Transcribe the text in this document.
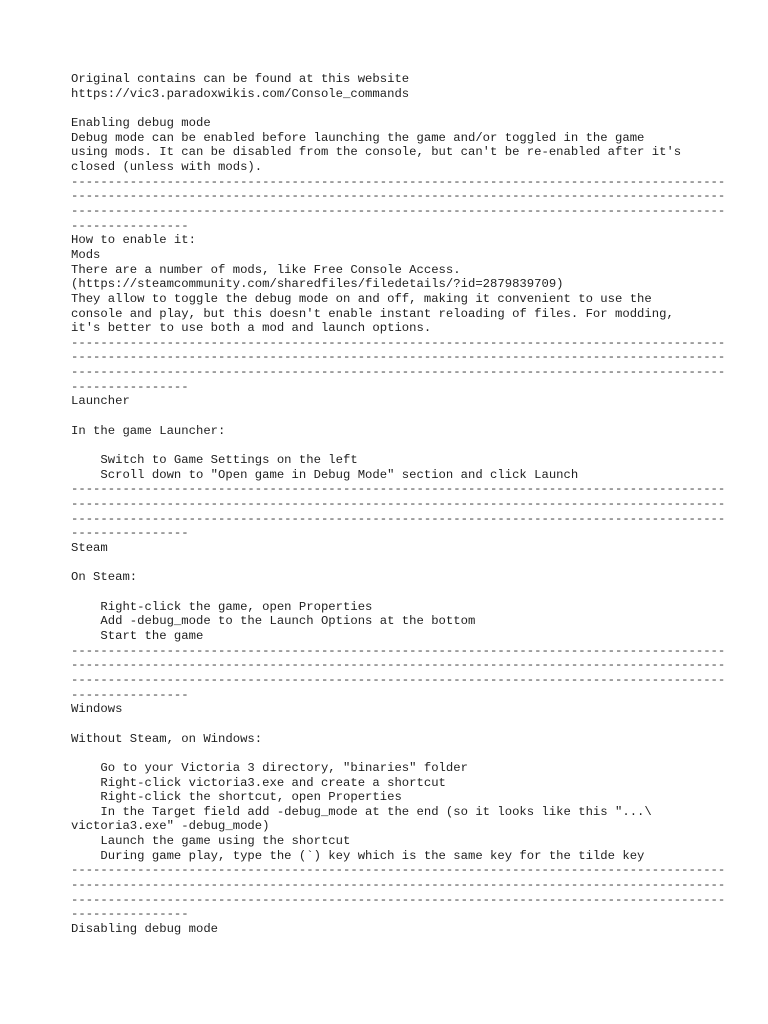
Original contains can be found at this website
https://vic3.paradoxwikis.com/Console_commands
Enabling debug mode
Debug mode can be enabled before launching the game and/or toggled in the game
using mods. It can be disabled from the console, but can't be re-enabled after it's
closed (unless with mods).
-----------------------------------------------------------------------------------------
-----------------------------------------------------------------------------------------
-----------------------------------------------------------------------------------------
----------------
How to enable it:
Mods
There are a number of mods, like Free Console Access.
(https://steamcommunity.com/sharedfiles/filedetails/?id=2879839709)
They allow to toggle the debug mode on and off, making it convenient to use the
console and play, but this doesn't enable instant reloading of files. For modding,
it's better to use both a mod and launch options.
-----------------------------------------------------------------------------------------
-----------------------------------------------------------------------------------------
-----------------------------------------------------------------------------------------
----------------
Launcher
In the game Launcher:
Switch to Game Settings on the left
Scroll down to "Open game in Debug Mode" section and click Launch
-----------------------------------------------------------------------------------------
-----------------------------------------------------------------------------------------
-----------------------------------------------------------------------------------------
----------------
Steam
On Steam:
Right-click the game, open Properties
Add -debug_mode to the Launch Options at the bottom
Start the game
-----------------------------------------------------------------------------------------
-----------------------------------------------------------------------------------------
-----------------------------------------------------------------------------------------
----------------
Windows
Without Steam, on Windows:
Go to your Victoria 3 directory, "binaries" folder
Right-click victoria3.exe and create a shortcut
Right-click the shortcut, open Properties
In the Target field add -debug_mode at the end (so it looks like this "...\
victoria3.exe" -debug_mode)
Launch the game using the shortcut
During game play, type the (`) key which is the same key for the tilde key
-----------------------------------------------------------------------------------------
-----------------------------------------------------------------------------------------
-----------------------------------------------------------------------------------------
----------------
Disabling debug mode
